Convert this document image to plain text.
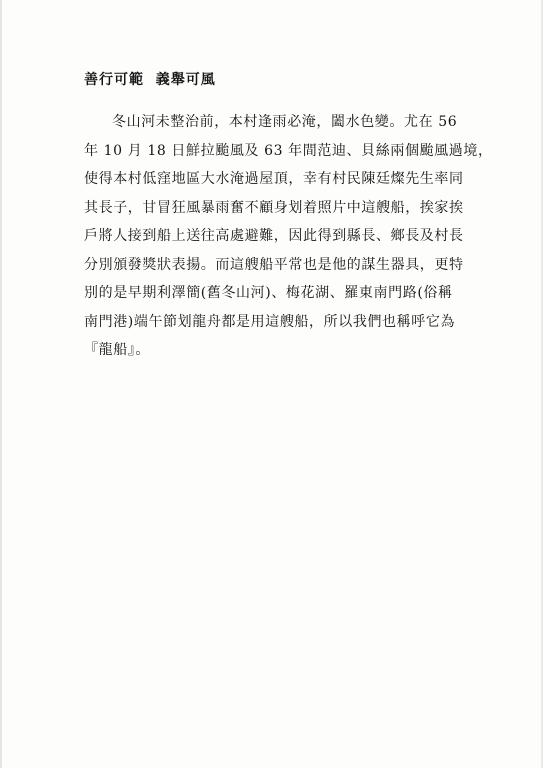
善行可範  義舉可風
冬山河未整治前，本村逢雨必淹，闔水色變。尤在 56
年 10 月 18 日鮮拉颱風及 63 年間范迪、貝絲兩個颱風過境，
使得本村低窪地區大水淹過屋頂，幸有村民陳廷燦先生率同
其長子，甘冒狂風暴雨奮不顧身划着照片中這艘船，挨家挨
戶將人接到船上送往高處避難，因此得到縣長、鄉長及村長
分別頒發獎狀表揚。而這艘船平常也是他的謀生器具，更特
別的是早期利澤簡(舊冬山河)、梅花湖、羅東南門路(俗稱
南門港)端午節划龍舟都是用這艘船，所以我們也稱呼它為
『龍船』。
